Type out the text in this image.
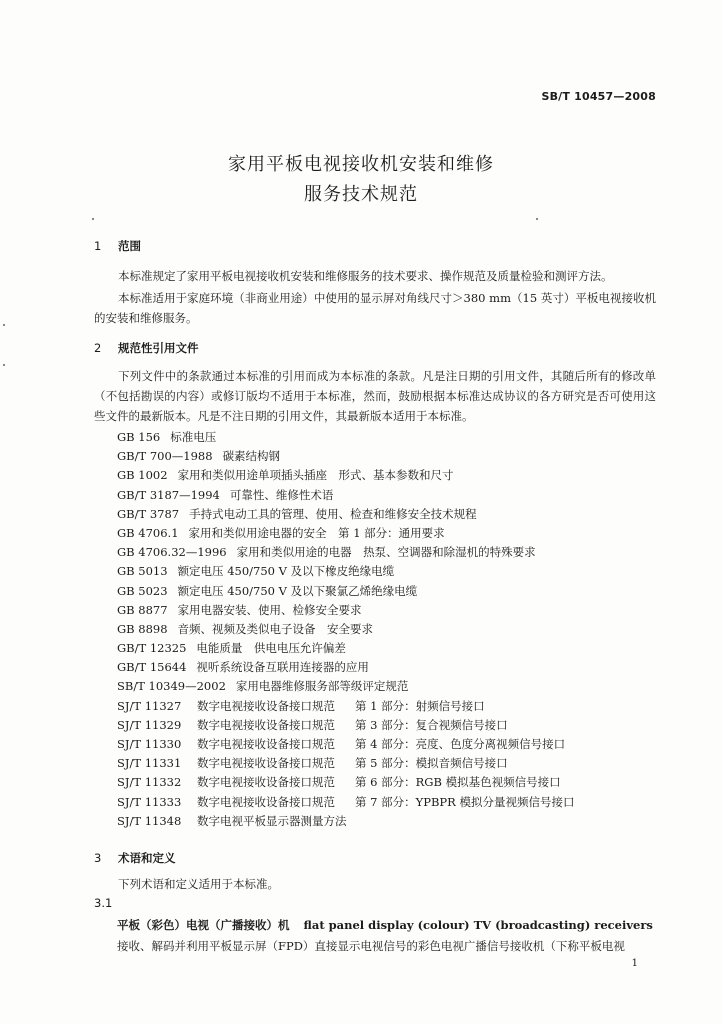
SB/T 10457—2008
家用平板电视接收机安装和维修
服务技术规范
1 范围
本标准规定了家用平板电视接收机安装和维修服务的技术要求、操作规范及质量检验和测评方法。
本标准适用于家庭环境（非商业用途）中使用的显示屏对角线尺寸＞380 mm（15 英寸）平板电视接收机的安装和维修服务。
2 规范性引用文件
下列文件中的条款通过本标准的引用而成为本标准的条款。凡是注日期的引用文件，其随后所有的修改单（不包括勘误的内容）或修订版均不适用于本标准，然而，鼓励根据本标准达成协议的各方研究是否可使用这些文件的最新版本。凡是不注日期的引用文件，其最新版本适用于本标准。
GB 156 标准电压
GB/T 700—1988 碳素结构钢
GB 1002 家用和类似用途单项插头插座　形式、基本参数和尺寸
GB/T 3187—1994 可靠性、维修性术语
GB/T 3787 手持式电动工具的管理、使用、检查和维修安全技术规程
GB 4706.1 家用和类似用途电器的安全　第 1 部分：通用要求
GB 4706.32—1996 家用和类似用途的电器　热泵、空调器和除湿机的特殊要求
GB 5013 额定电压 450/750 V 及以下橡皮绝缘电缆
GB 5023 额定电压 450/750 V 及以下聚氯乙烯绝缘电缆
GB 8877 家用电器安装、使用、检修安全要求
GB 8898 音频、视频及类似电子设备　安全要求
GB/T 12325 电能质量　供电电压允许偏差
GB/T 15644 视听系统设备互联用连接器的应用
SB/T 10349—2002 家用电器维修服务部等级评定规范
SJ/T 11327 数字电视接收设备接口规范 第 1 部分：射频信号接口
SJ/T 11329 数字电视接收设备接口规范 第 3 部分：复合视频信号接口
SJ/T 11330 数字电视接收设备接口规范 第 4 部分：亮度、色度分离视频信号接口
SJ/T 11331 数字电视接收设备接口规范 第 5 部分：模拟音频信号接口
SJ/T 11332 数字电视接收设备接口规范 第 6 部分：RGB 模拟基色视频信号接口
SJ/T 11333 数字电视接收设备接口规范 第 7 部分：YPBPR 模拟分量视频信号接口
SJ/T 11348 数字电视平板显示器测量方法
3 术语和定义
下列术语和定义适用于本标准。
3.1
平板（彩色）电视（广播接收）机 flat panel display (colour) TV (broadcasting) receivers
接收、解码并利用平板显示屏（FPD）直接显示电视信号的彩色电视广播信号接收机（下称平板电视
1
